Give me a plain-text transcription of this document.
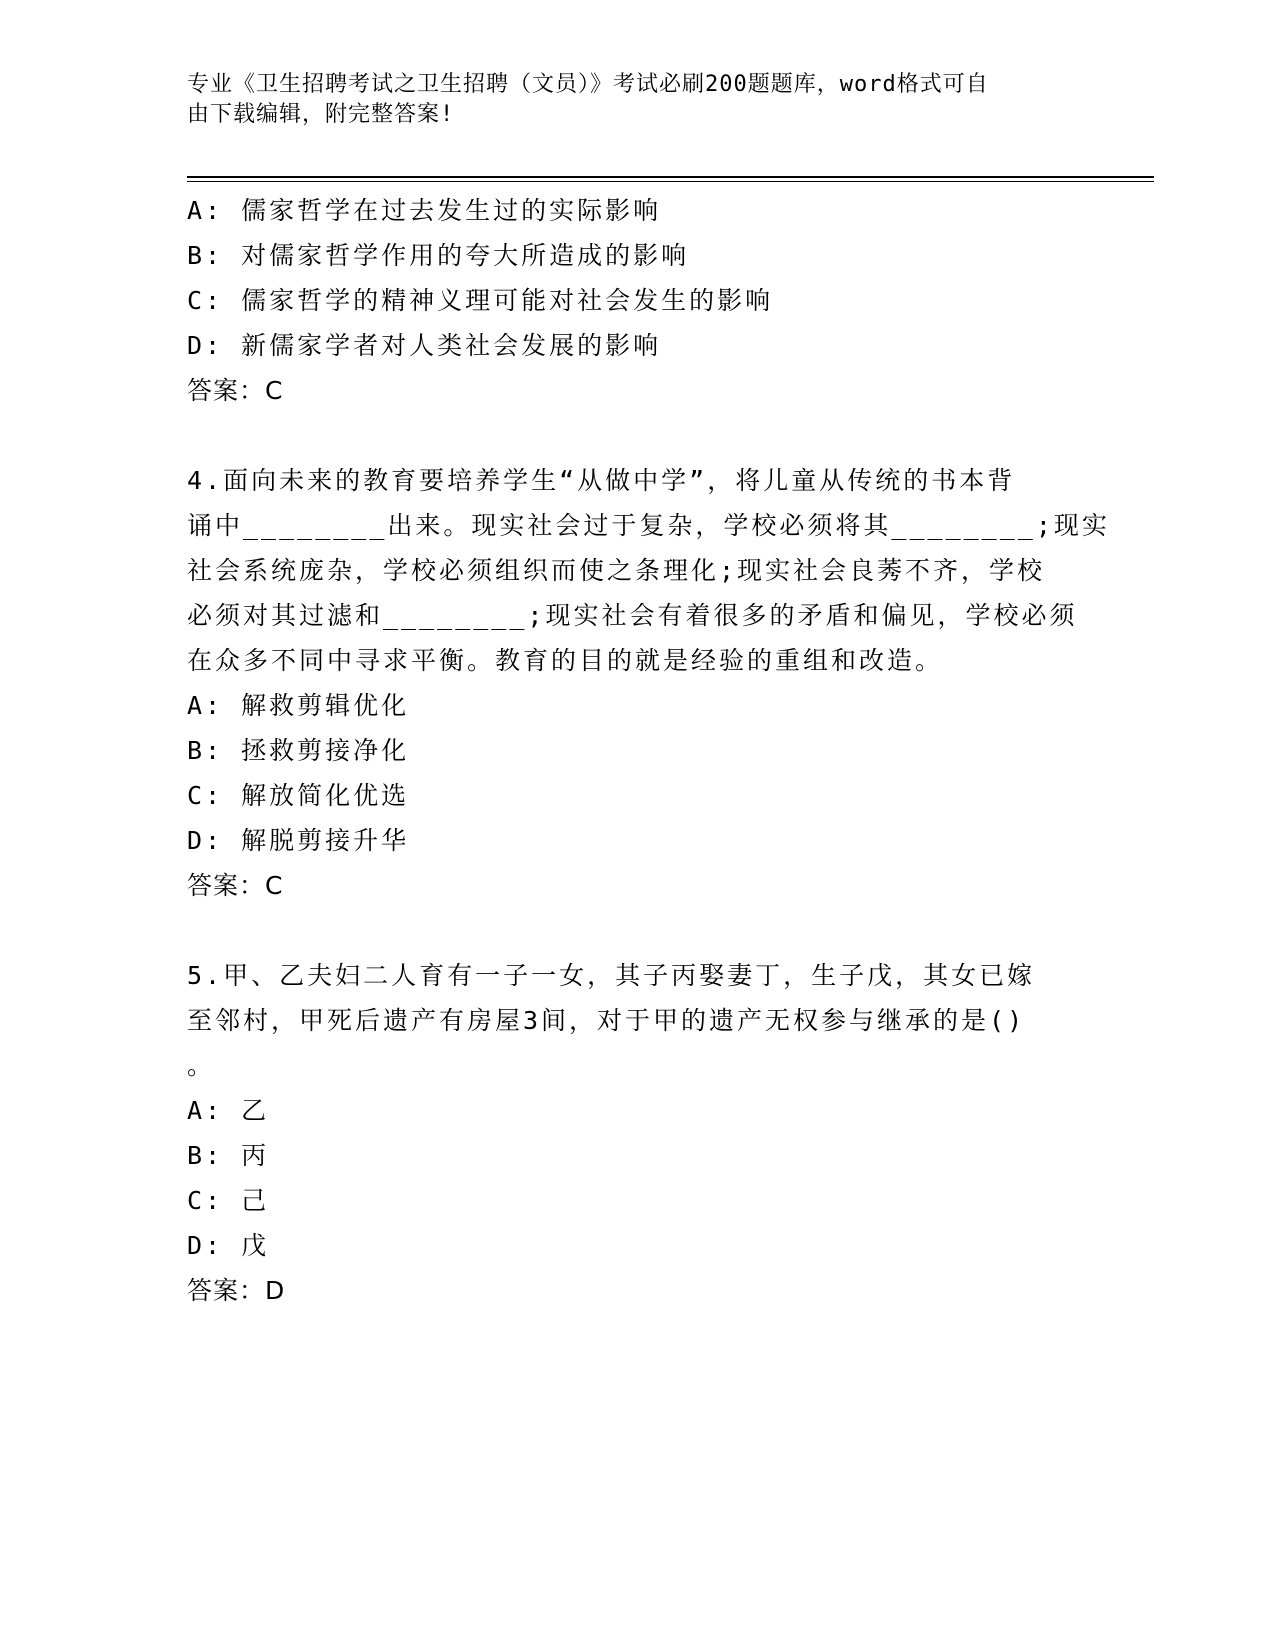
专业《卫生招聘考试之卫生招聘（文员）》考试必刷200题题库，word格式可自
由下载编辑，附完整答案!
A: 儒家哲学在过去发生过的实际影响
B: 对儒家哲学作用的夸大所造成的影响
C: 儒家哲学的精神义理可能对社会发生的影响
D: 新儒家学者对人类社会发展的影响
答案：C
4.面向未来的教育要培养学生“从做中学”，将儿童从传统的书本背
诵中________出来。现实社会过于复杂，学校必须将其________;现实
社会系统庞杂，学校必须组织而使之条理化;现实社会良莠不齐，学校
必须对其过滤和________;现实社会有着很多的矛盾和偏见，学校必须
在众多不同中寻求平衡。教育的目的就是经验的重组和改造。
A: 解救剪辑优化
B: 拯救剪接净化
C: 解放简化优选
D: 解脱剪接升华
答案：C
5.甲、乙夫妇二人育有一子一女，其子丙娶妻丁，生子戊，其女已嫁
至邻村，甲死后遗产有房屋3间，对于甲的遗产无权参与继承的是()
。
A: 乙
B: 丙
C: 己
D: 戊
答案：D
